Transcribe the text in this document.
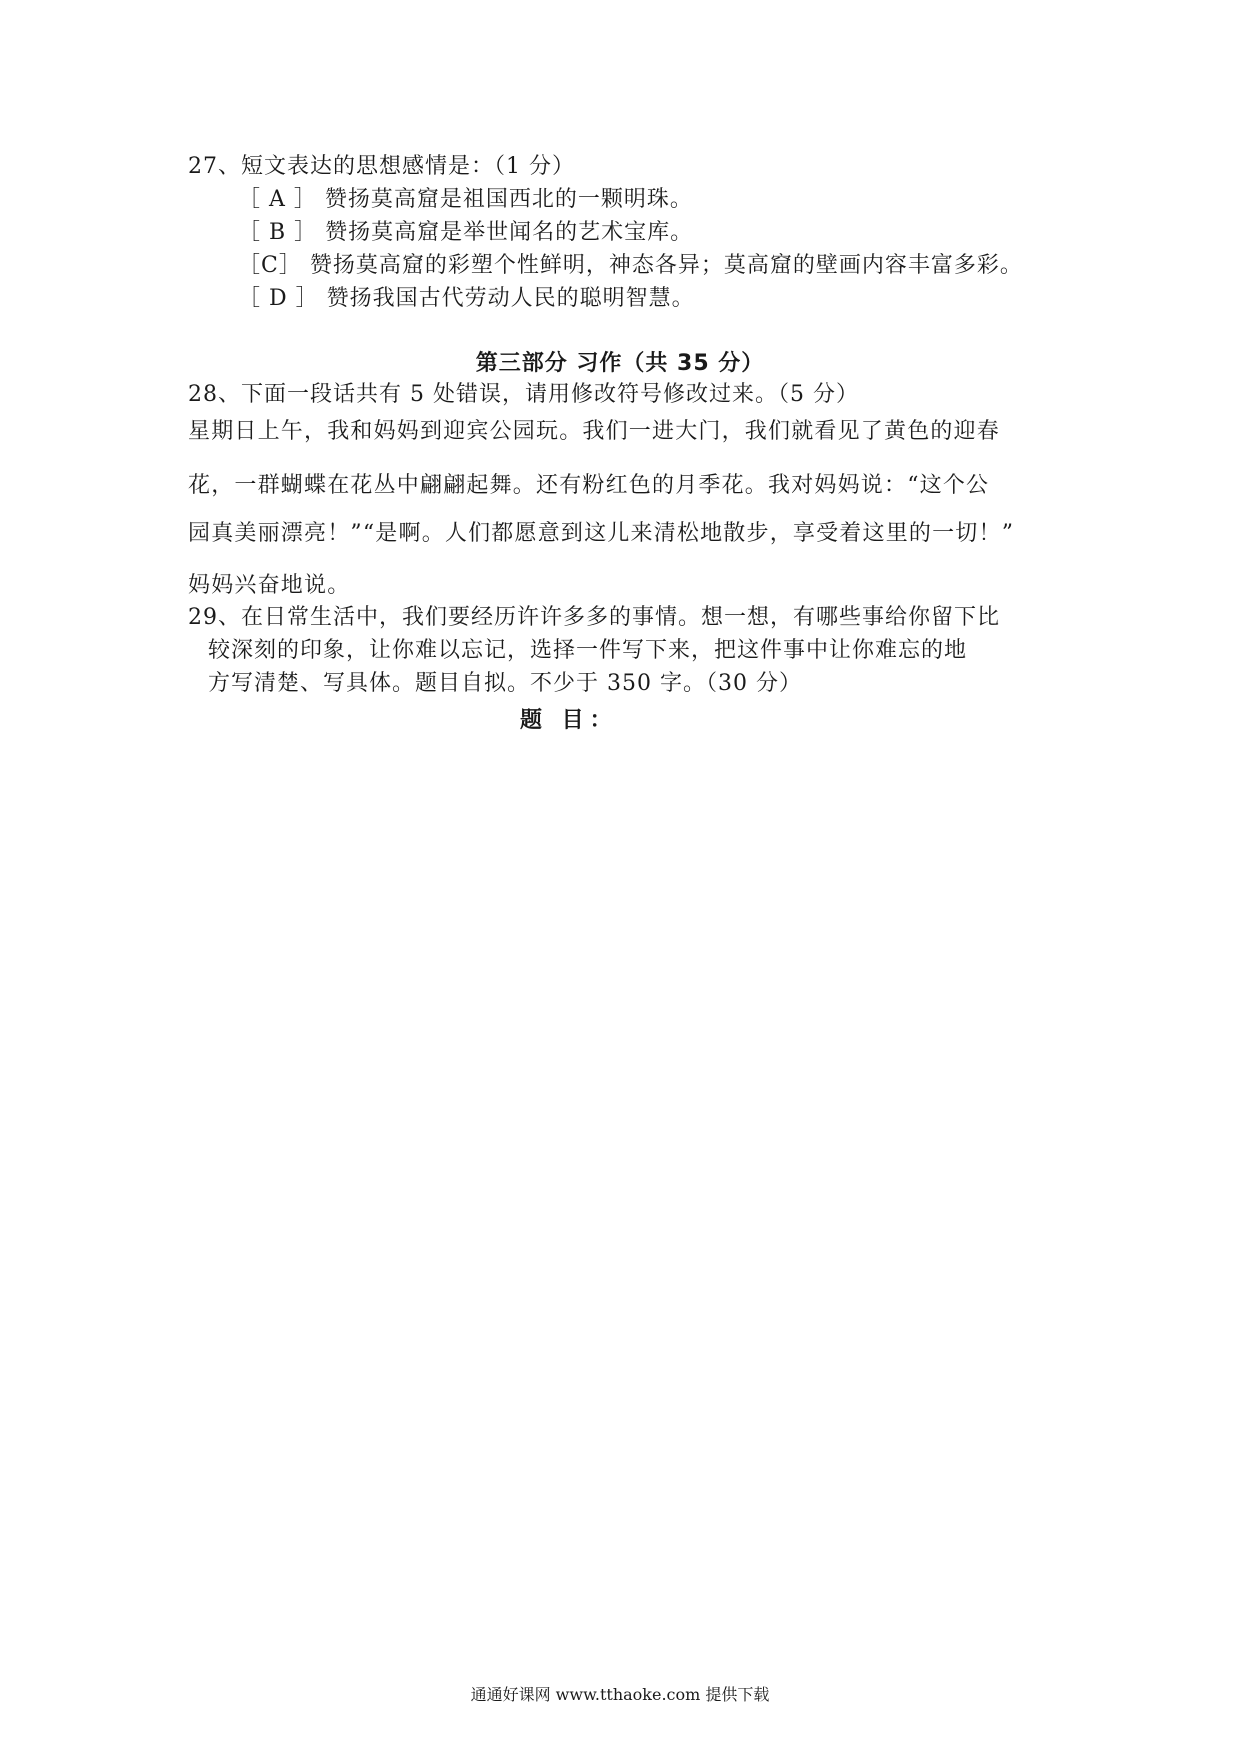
27、短文表达的思想感情是：（1 分）
［ A ］ 赞扬莫高窟是祖国西北的一颗明珠。
［ B ］ 赞扬莫高窟是举世闻名的艺术宝库。
［C］ 赞扬莫高窟的彩塑个性鲜明，神态各异；莫高窟的壁画内容丰富多彩。
［ D ］ 赞扬我国古代劳动人民的聪明智慧。
第三部分 习作（共 35 分）
28、下面一段话共有 5 处错误，请用修改符号修改过来。（5 分）
星期日上午，我和妈妈到迎宾公园玩。我们一进大门，我们就看见了黄色的迎春
花，一群蝴蝶在花丛中翩翩起舞。还有粉红色的月季花。我对妈妈说：“这个公
园真美丽漂亮！”“是啊。人们都愿意到这儿来清松地散步，享受着这里的一切！”
妈妈兴奋地说。
29、在日常生活中，我们要经历许许多多的事情。想一想，有哪些事给你留下比
较深刻的印象，让你难以忘记，选择一件写下来，把这件事中让你难忘的地
方写清楚、写具体。题目自拟。不少于 350 字。（30 分）
题 目：
通通好课网 www.tthaoke.com 提供下载
